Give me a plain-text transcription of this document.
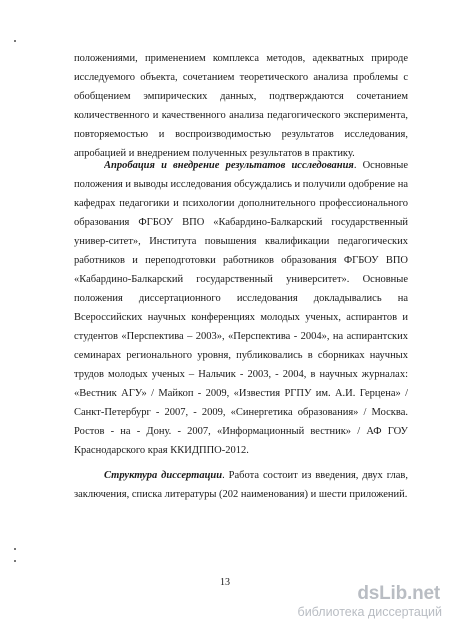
положениями, применением комплекса методов, адекватных природе
исследуемого объекта, сочетанием теоретического анализа проблемы с
обобщением эмпирических данных, подтверждаются сочетанием
количественного и качественного анализа педагогического эксперимента,
повторяемостью и воспроизводимостью результатов исследования,
апробацией и внедрением полученных результатов в практику.
Апробация и внедрение результатов исследования. Основные
положения и выводы исследования обсуждались и получили одобрение на
кафедрах педагогики и психологии дополнительного профессионального
образования ФГБОУ ВПО «Кабардино-Балкарский государственный
универ-ситет», Института повышения квалификации педагогических
работников и переподготовки работников образования ФГБОУ ВПО
«Кабардино-Балкарский государственный университет». Основные
положения диссертационного исследования докладывались на
Всероссийских научных конференциях молодых ученых, аспирантов и
студентов «Перспектива – 2003», «Перспектива - 2004», на аспирантских
семинарах регионального уровня, публиковались в сборниках научных
трудов молодых ученых – Нальчик - 2003, - 2004, в научных журналах:
«Вестник АГУ» / Майкоп - 2009, «Известия РГПУ им. А.И. Герцена» /
Санкт-Петербург - 2007, - 2009, «Синергетика образования» / Москва.
Ростов - на - Дону. - 2007, «Информационный вестник» / АФ ГОУ
Краснодарского края ККИДППО-2012.
Структура диссертации. Работа состоит из введения, двух глав,
заключения, списка литературы (202 наименования) и шести приложений.
13
dsLib.net
библиотека диссертаций
